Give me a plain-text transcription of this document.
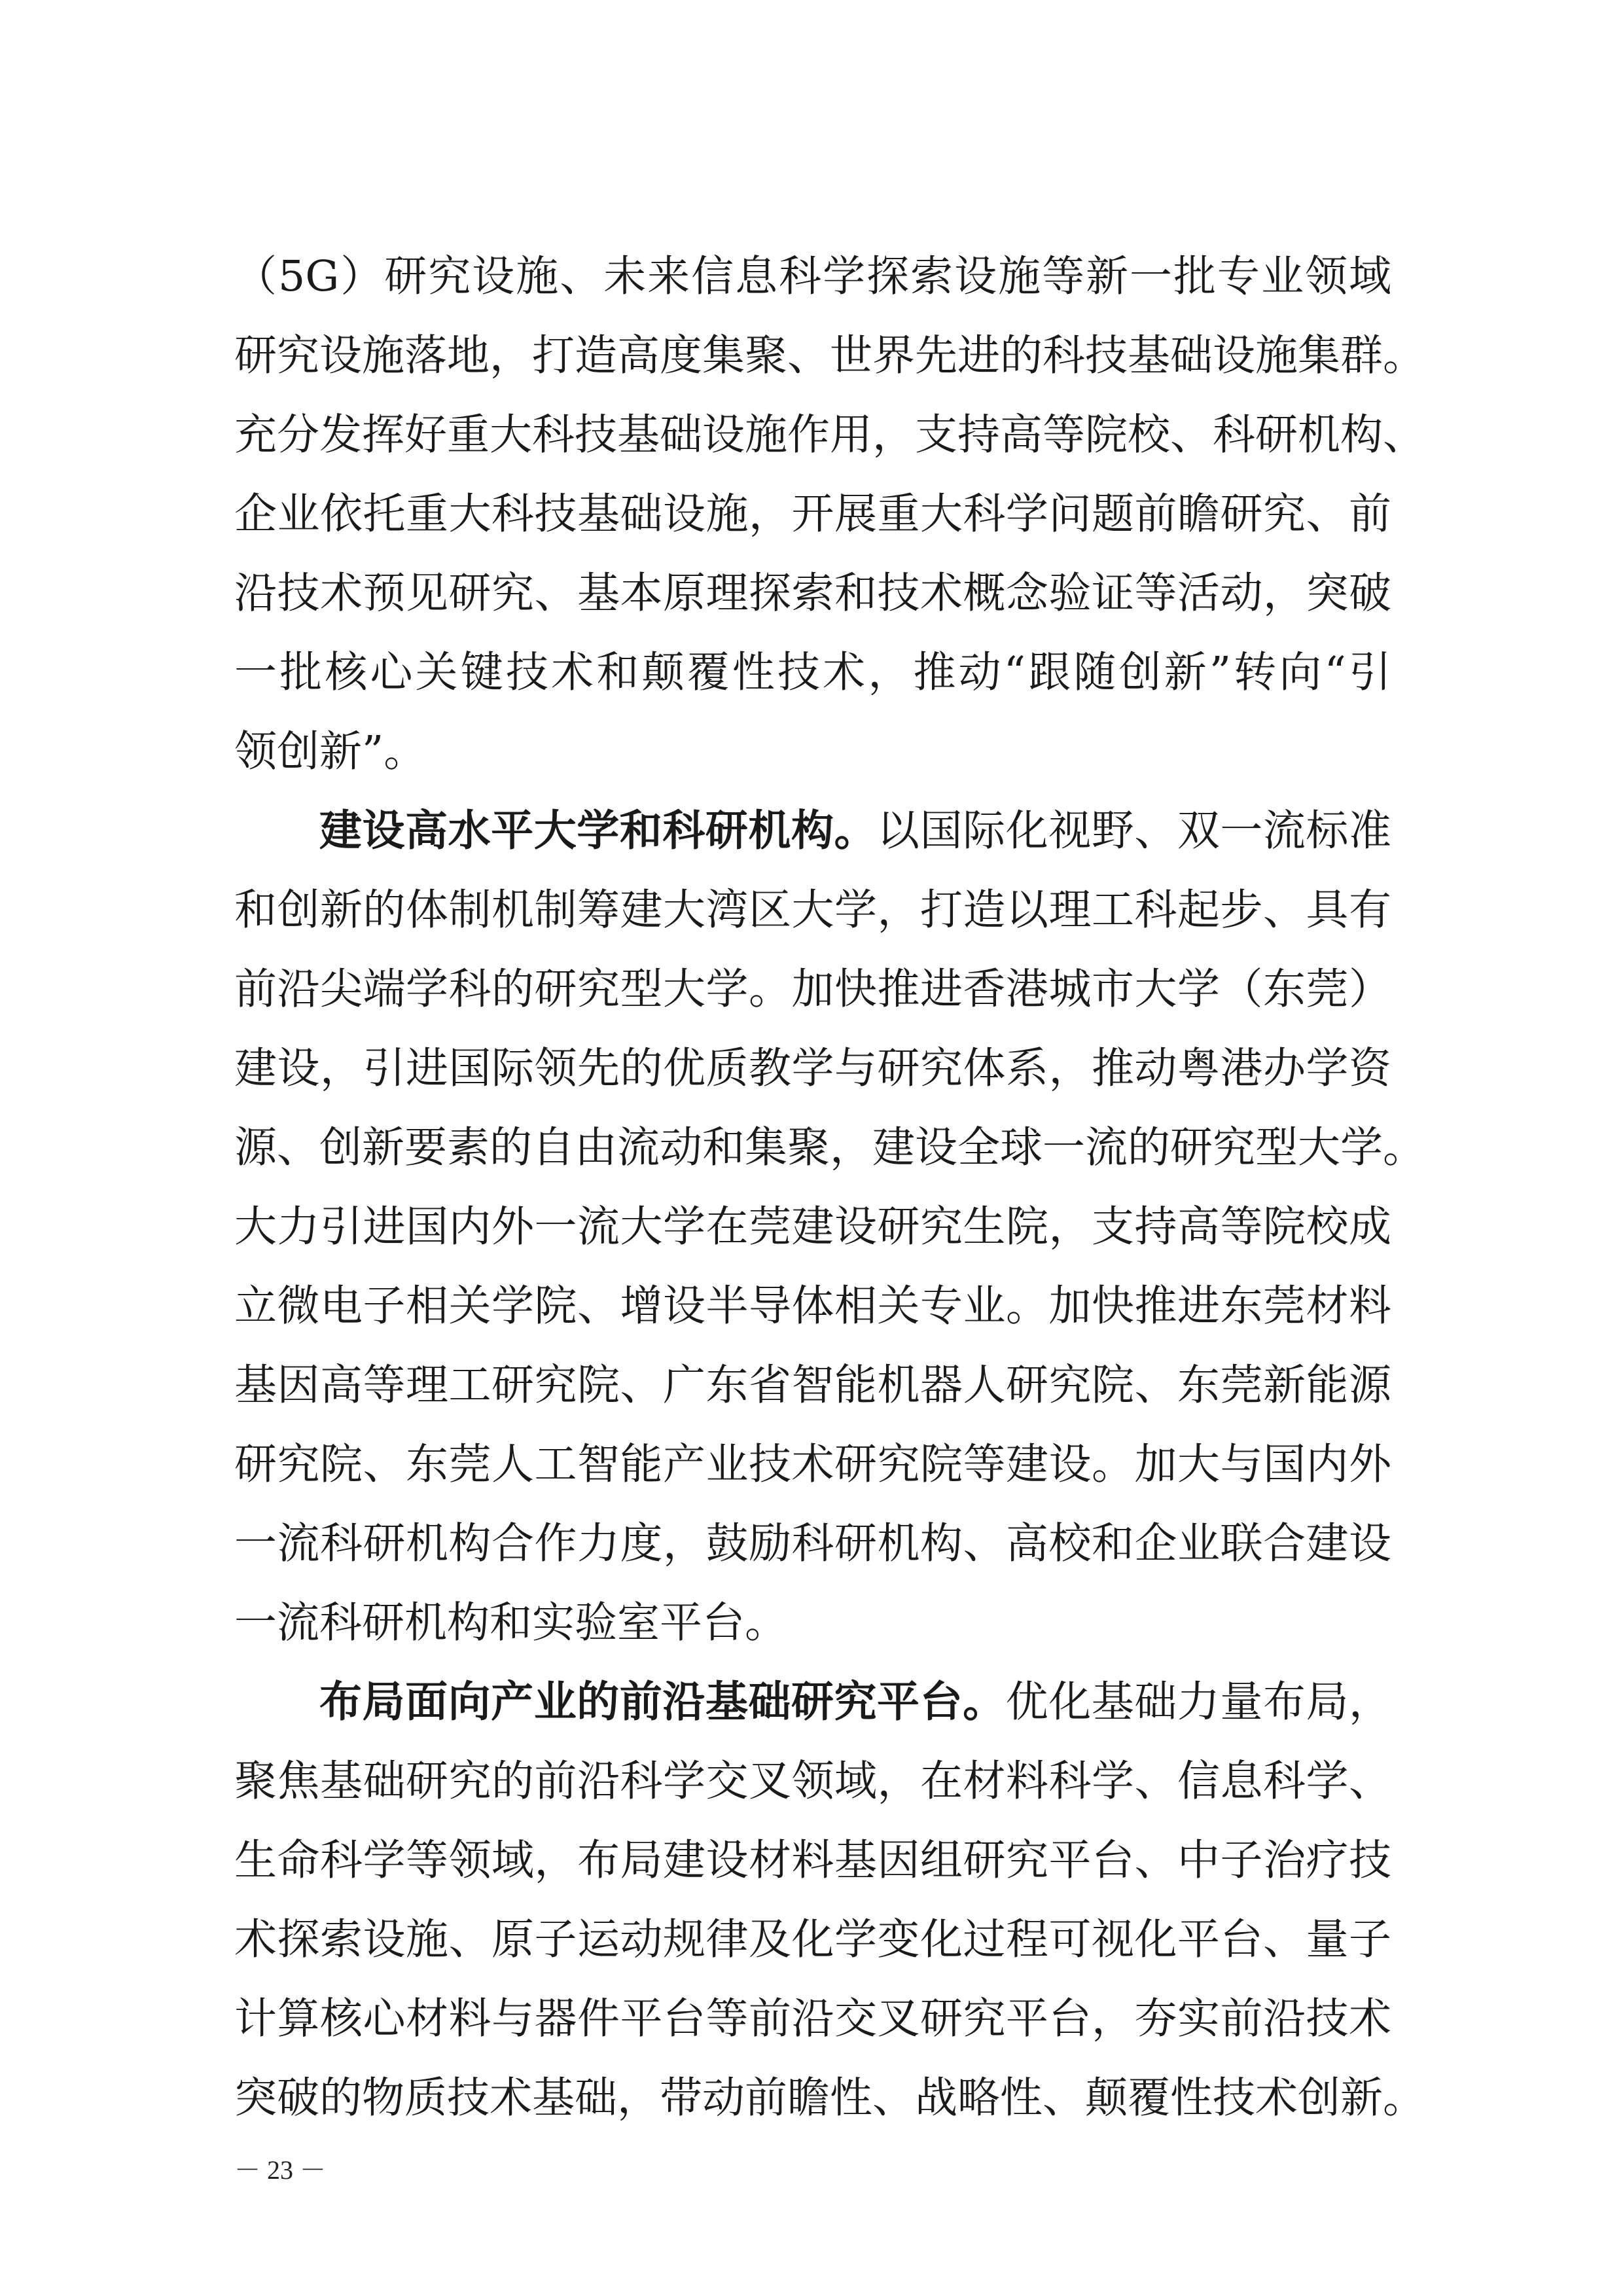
（5G）研究设施、未来信息科学探索设施等新一批专业领域
研究设施落地，打造高度集聚、世界先进的科技基础设施集群。
充分发挥好重大科技基础设施作用，支持高等院校、科研机构、
企业依托重大科技基础设施，开展重大科学问题前瞻研究、前
沿技术预见研究、基本原理探索和技术概念验证等活动，突破
一批核心关键技术和颠覆性技术，推动“跟随创新”转向“引
领创新”。
建设高水平大学和科研机构。以国际化视野、双一流标准
和创新的体制机制筹建大湾区大学，打造以理工科起步、具有
前沿尖端学科的研究型大学。加快推进香港城市大学（东莞）
建设，引进国际领先的优质教学与研究体系，推动粤港办学资
源、创新要素的自由流动和集聚，建设全球一流的研究型大学。
大力引进国内外一流大学在莞建设研究生院，支持高等院校成
立微电子相关学院、增设半导体相关专业。加快推进东莞材料
基因高等理工研究院、广东省智能机器人研究院、东莞新能源
研究院、东莞人工智能产业技术研究院等建设。加大与国内外
一流科研机构合作力度，鼓励科研机构、高校和企业联合建设
一流科研机构和实验室平台。
布局面向产业的前沿基础研究平台。优化基础力量布局，
聚焦基础研究的前沿科学交叉领域，在材料科学、信息科学、
生命科学等领域，布局建设材料基因组研究平台、中子治疗技
术探索设施、原子运动规律及化学变化过程可视化平台、量子
计算核心材料与器件平台等前沿交叉研究平台，夯实前沿技术
突破的物质技术基础，带动前瞻性、战略性、颠覆性技术创新。
－ 23 －
